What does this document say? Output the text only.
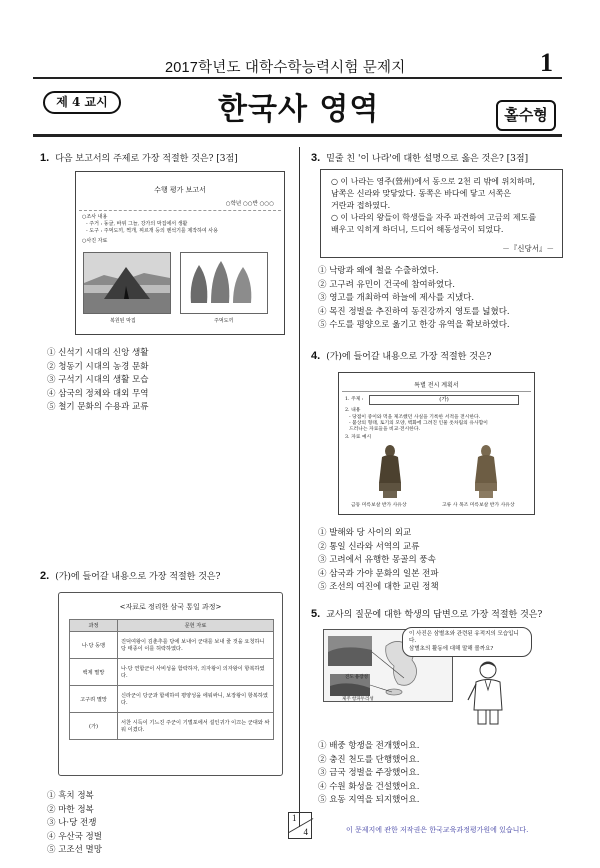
2017학년도 대학수학능력시험 문제지	1
제 4 교시	한국사 영역	홀수형
1. 다음 보고서의 주제로 가장 적절한 것은? [3점]
수행 평가 보고서
○학년 ○○반 ○○○
○조사 내용
- 주거 : 동굴, 바위 그늘, 강가의 막집에서 생활
- 도구 : 주먹도끼, 찍개, 찌르개 등의 뗀석기를 제작하여 사용
○사진 자료
복원된 막집	주먹도끼
① 신석기 시대의 신앙 생활
② 청동기 시대의 농경 문화
③ 구석기 시대의 생활 모습
④ 삼국의 정체와 대외 무역
⑤ 철기 문화의 수용과 교류
2. (가)에 들어갈 내용으로 가장 적절한 것은?
<자료로 정리한 삼국 통일 과정>
과정	문헌 자료
나·당 동맹	진덕여왕이 김춘추를 당에 보내어 군대를 보내 줄 것을 요청하니 당 태종이 이를 허락하였다.
백제 멸망	나·당 연합군이 사비성을 함락하자, 의자왕이 의자왕이 항복하였다.
고구려 멸망	신라군이 당군과 합세하여 평양성을 에워싸니, 보장왕이 항복하였다.
(가)	서찬 시득이 기느진 주군이 기벌포에서 설인귀가 이끄는 군대와 싸워 이겼다.
① 흑치 정복
② 마한 정복
③ 나·당 전쟁
④ 우산국 정벌
⑤ 고조선 멸망
3. 밑줄 친 '이 나라'에 대한 설명으로 옳은 것은? [3점]
○ 이 나라는 영주(營州)에서 동으로 2천 리 밖에 위치하며,
남쪽은 신라와 맞닿았다. 동쪽은 바다에 닿고 서쪽은
거란과 접하였다.
○ 이 나라의 왕들이 학생들을 자주 파견하여 고금의 제도를
배우고 익히게 하더니, 드디어 해동성국이 되었다.
－『신당서』－
① 낙랑과 왜에 철을 수출하였다.
② 고구려 유민이 건국에 참여하였다.
③ 영고를 개최하여 하늘에 제사를 지냈다.
④ 목진 정벌을 추진하여 동진강까지 영토를 넓혔다.
⑤ 수도를 평양으로 옮기고 한강 유역을 확보하였다.
4. (가)에 들어갈 내용으로 가장 적절한 것은?
특별 전시 계획서
1. 주제 :	(가)
2. 내용
- 당점이 중이와 먹을 제조했던 사실을 기록한 서적을 전시한다.
- 불상의 형태, 토기의 모양, 벽화에 그려진 인물 옷차림의 유사함이
드러나는 자료들을 비교·전시한다.
3. 자료 예시
금동 미륵보살 반가 사유상	고류 사 목조 미륵보살 반가 사유상
① 발해와 당 사이의 외교
② 통일 신라와 서역의 교류
③ 고려에서 유행한 몽골의 풍속
④ 삼국과 가야 문화의 일본 전파
⑤ 조선의 여진에 대한 교린 정책
5. 교사의 질문에 대한 학생의 답변으로 가장 적절한 것은?
진도 용장성
제주 항파두리성
이 사진은 삼별초와 관련된 유적지의 모습입니다.
삼별초의 활동에 대해 말해 볼까요?
① 배중 항쟁을 전개했어요.
② 충진 천도를 단행했어요.
③ 금국 정벌을 주장했어요.
④ 수원 화성을 건설했어요.
⑤ 요동 지역을 되지했어요.
1
4	이 문제지에 관한 저작권은 한국교육과정평가원에 있습니다.
